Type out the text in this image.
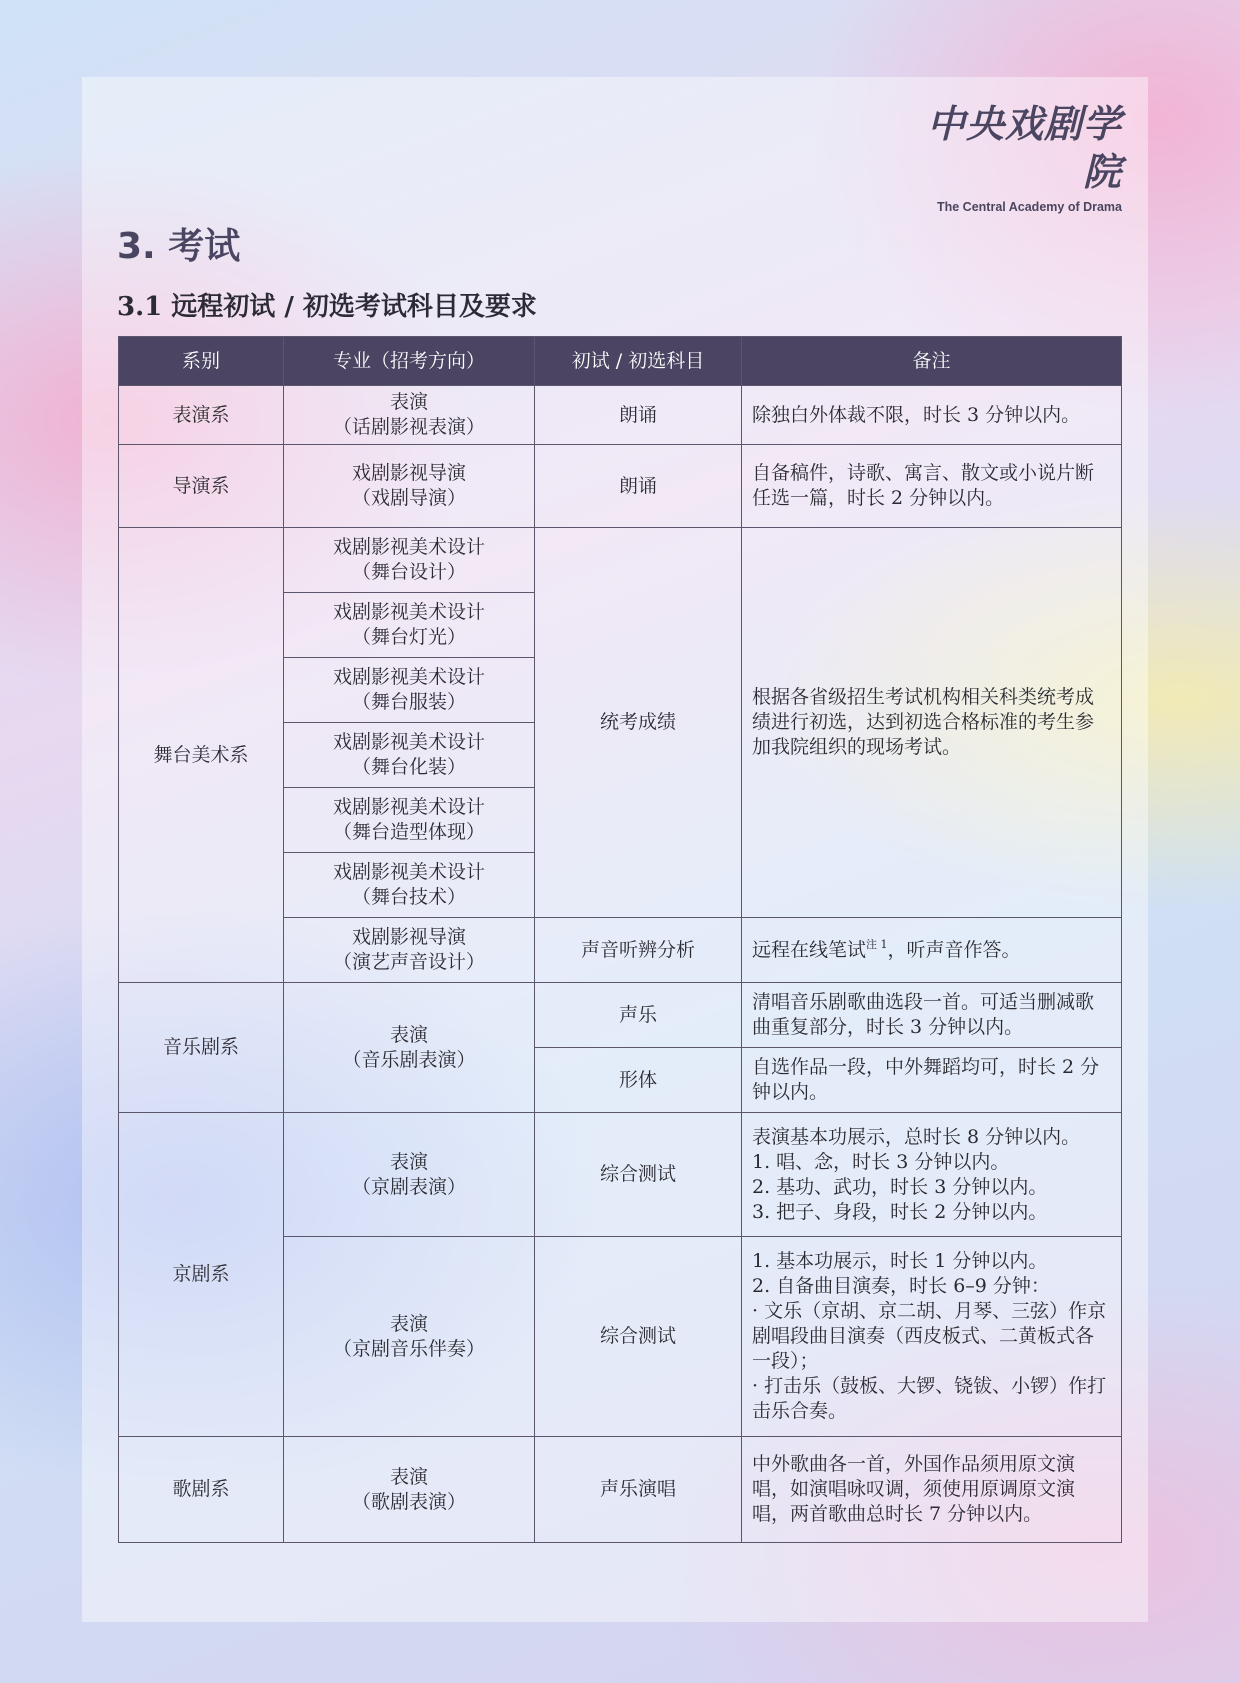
中央戏剧学院
The Central Academy of Drama
3. 考试
3.1 远程初试 / 初选考试科目及要求
系别	专业（招考方向）	初试 / 初选科目	备注
表演系	表演
（话剧影视表演）	朗诵	除独白外体裁不限，时长 3 分钟以内。
导演系	戏剧影视导演
（戏剧导演）	朗诵	自备稿件，诗歌、寓言、散文或小说片断任选一篇，时长 2 分钟以内。
舞台美术系	戏剧影视美术设计
（舞台设计）	统考成绩	根据各省级招生考试机构相关科类统考成绩进行初选，达到初选合格标准的考生参加我院组织的现场考试。
	戏剧影视美术设计
（舞台灯光）		
	戏剧影视美术设计
（舞台服装）		
	戏剧影视美术设计
（舞台化装）		
	戏剧影视美术设计
（舞台造型体现）		
	戏剧影视美术设计
（舞台技术）		
	戏剧影视导演
（演艺声音设计）	声音听辨分析	远程在线笔试$^{注 1}$，听声音作答。
音乐剧系	表演
（音乐剧表演）	声乐	清唱音乐剧歌曲选段一首。可适当删减歌曲重复部分，时长 3 分钟以内。
		形体	自选作品一段，中外舞蹈均可，时长 2 分钟以内。
京剧系	表演
（京剧表演）	综合测试	表演基本功展示，总时长 8 分钟以内。
1. 唱、念，时长 3 分钟以内。
2. 基功、武功，时长 3 分钟以内。
3. 把子、身段，时长 2 分钟以内。
	表演
（京剧音乐伴奏）	综合测试	1. 基本功展示，时长 1 分钟以内。
2. 自备曲目演奏，时长 6–9 分钟：
· 文乐（京胡、京二胡、月琴、三弦）作京剧唱段曲目演奏（西皮板式、二黄板式各一段）；
· 打击乐（鼓板、大锣、铙钹、小锣）作打击乐合奏。
歌剧系	表演
（歌剧表演）	声乐演唱	中外歌曲各一首，外国作品须用原文演唱，如演唱咏叹调，须使用原调原文演唱，两首歌曲总时长 7 分钟以内。
